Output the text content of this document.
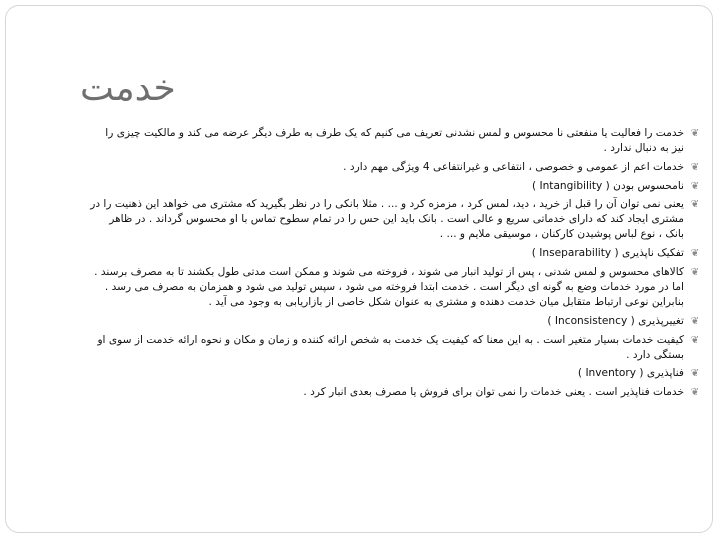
خدمت
❦
خدمت را فعالیت یا منفعتی نا محسوس و لمس نشدنی تعریف می کنیم که یک طرف به طرف دیگر عرضه می کند و مالکیت چیزی را نیز به دنبال ندارد .
❦
خدمات اعم از عمومی و خصوصی ، انتفاعی و غیرانتفاعی 4 ویژگی مهم دارد .
❦
نامحسوس بودن ( Intangibility )
❦
یعنی نمی توان آن را قبل از خرید ، دید، لمس کرد ، مزمزه کرد و ... . مثلا بانکی را در نظر بگیرید که مشتری می خواهد این ذهنیت را در مشتری ایجاد کند که دارای خدماتی سریع و عالی است . بانک باید این حس را در تمام سطوح تماس با او محسوس گرداند . در ظاهر بانک ، نوع لباس پوشیدن کارکنان ، موسیقی ملایم و ... .
❦
تفکیک ناپذیری ( Inseparability )
❦
کالاهای محسوس و لمس شدنی ، پس از تولید انبار می شوند ، فروخته می شوند و ممکن است مدتی طول بکشند تا به مصرف برسند . اما در مورد خدمات وضع به گونه ای دیگر است . خدمت ابتدا فروخته می شود ، سپس تولید می شود و همزمان به مصرف می رسد . بنابراین نوعی ارتباط متقابل میان خدمت دهنده و مشتری به عنوان شکل خاصی از بازاریابی به وجود می آید .
❦
تغییرپذیری ( Inconsistency )
❦
کیفیت خدمات بسیار متغیر است . به این معنا که کیفیت یک خدمت به شخص ارائه کننده و زمان و مکان و نحوه ارائه خدمت از سوی او بستگی دارد .
❦
فناپذیری ( Inventory )
❦
خدمات فناپذیر است . یعنی خدمات را نمی توان برای فروش یا مصرف بعدی انبار کرد .
